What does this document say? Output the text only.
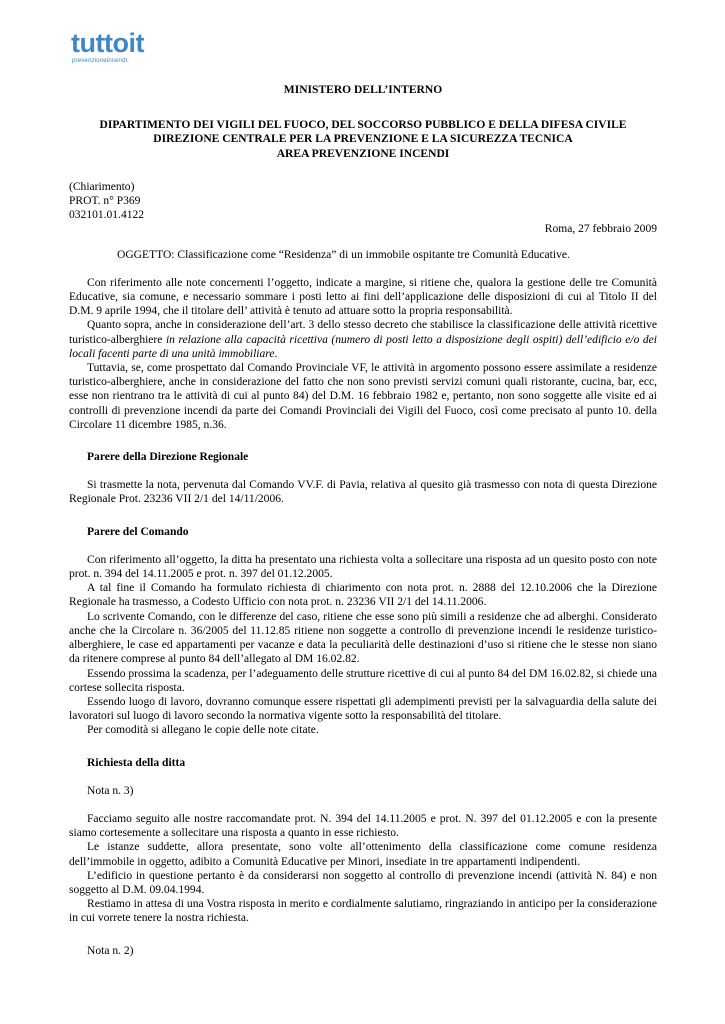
tuttoit
prevenzioneincendi.
MINISTERO DELL’INTERNO
DIPARTIMENTO DEI VIGILI DEL FUOCO, DEL SOCCORSO PUBBLICO E DELLA DIFESA CIVILE
DIREZIONE CENTRALE PER LA PREVENZIONE E LA SICUREZZA TECNICA
AREA PREVENZIONE INCENDI
(Chiarimento)
PROT. n° P369
032101.01.4122
Roma, 27 febbraio 2009
OGGETTO: Classificazione come “Residenza” di un immobile ospitante tre Comunità Educative.

Con riferimento alle note concernenti l’oggetto, indicate a margine, si ritiene che, qualora la gestione delle tre Comunità Educative, sia comune, e necessario sommare i posti letto ai fini dell’applicazione delle disposizioni di cui al Titolo II del D.M. 9 aprile 1994, che il titolare dell’ attività è tenuto ad attuare sotto la propria responsabilità.

Quanto sopra, anche in considerazione dell’art. 3 dello stesso decreto che stabilisce la classificazione delle attività ricettive turistico-alberghiere in relazione alla capacità ricettiva (numero di posti letto a disposizione degli ospiti) dell’edificio e/o dei locali facenti parte di una unità immobiliare.

Tuttavia, se, come prospettato dal Comando Provinciale VF, le attività in argomento possono essere assimilate a residenze turistico-alberghiere, anche in considerazione del fatto che non sono previsti servizi comuni quali ristorante, cucina, bar, ecc, esse non rientrano tra le attività di cui al punto 84) del D.M. 16 febbraio 1982 e, pertanto, non sono soggette alle visite ed ai controlli di prevenzione incendi da parte dei Comandi Provinciali dei Vigili del Fuoco, così come precisato al punto 10. della Circolare 11 dicembre 1985, n.36.

Parere della Direzione Regionale

Si trasmette la nota, pervenuta dal Comando VV.F. di Pavia, relativa al quesito già trasmesso con nota di questa Direzione Regionale Prot. 23236 VII 2/1 del 14/11/2006.

Parere del Comando

Con riferimento all’oggetto, la ditta ha presentato una richiesta volta a sollecitare una risposta ad un quesito posto con note prot. n. 394 del 14.11.2005 e prot. n. 397 del 01.12.2005.

A tal fine il Comando ha formulato richiesta di chiarimento con nota prot. n. 2888 del 12.10.2006 che la Direzione Regionale ha trasmesso, a Codesto Ufficio con nota prot. n. 23236 VII 2/1 del 14.11.2006.

Lo scrivente Comando, con le differenze del caso, ritiene che esse sono più simili a residenze che ad alberghi. Considerato anche che la Circolare n. 36/2005 del 11.12.85 ritiene non soggette a controllo di prevenzione incendi le residenze turistico-alberghiere, le case ed appartamenti per vacanze e data la peculiarità delle destinazioni d’uso si ritiene che le stesse non siano da ritenere comprese al punto 84 dell’allegato al DM 16.02.82.

Essendo prossima la scadenza, per l’adeguamento delle strutture ricettive di cui al punto 84 del DM 16.02.82, si chiede una cortese sollecita risposta.

Essendo luogo di lavoro, dovranno comunque essere rispettati gli adempimenti previsti per la salvaguardia della salute dei lavoratori sul luogo di lavoro secondo la normativa vigente sotto la responsabilità del titolare.

Per comodità si allegano le copie delle note citate.

Richiesta della ditta
Nota n. 3)

Facciamo seguito alle nostre raccomandate prot. N. 394 del 14.11.2005 e prot. N. 397 del 01.12.2005 e con la presente siamo cortesemente a sollecitare una risposta a quanto in esse richiesto.

Le istanze suddette, allora presentate, sono volte all’ottenimento della classificazione come comune residenza dell’immobile in oggetto, adibito a Comunità Educative per Minori, insediate in tre appartamenti indipendenti.

L’edificio in questione pertanto è da considerarsi non soggetto al controllo di prevenzione incendi (attività N. 84) e non soggetto al D.M. 09.04.1994.

Restiamo in attesa di una Vostra risposta in merito e cordialmente salutiamo, ringraziando in anticipo per la considerazione in cui vorrete tenere la nostra richiesta.

Nota n. 2)
